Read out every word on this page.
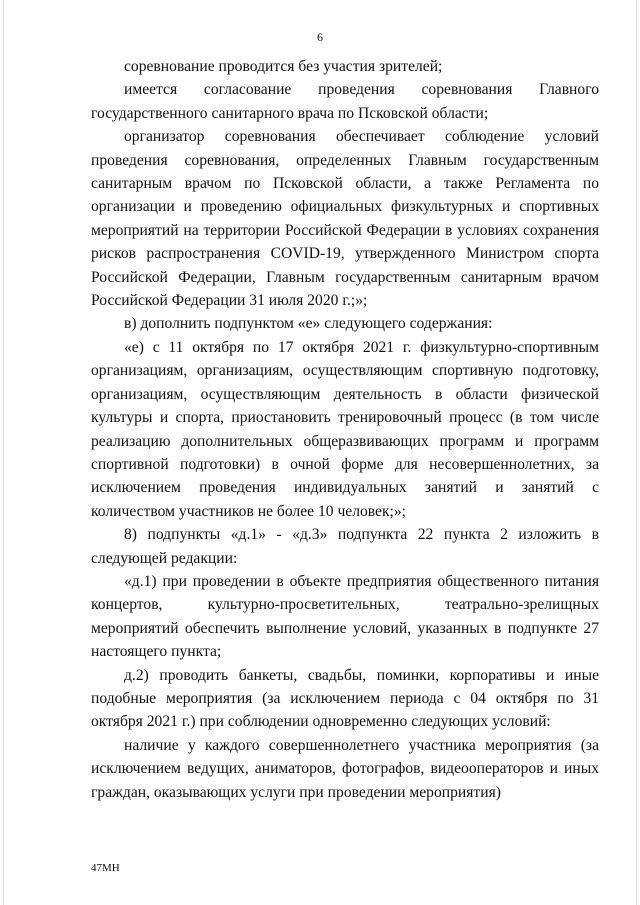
6

соревнование проводится без участия зрителей;

имеется согласование проведения соревнования Главного государственного санитарного врача по Псковской области;

организатор соревнования обеспечивает соблюдение условий проведения соревнования, определенных Главным государственным санитарным врачом по Псковской области, а также Регламента по организации и проведению официальных физкультурных и спортивных мероприятий на территории Российской Федерации в условиях сохранения рисков распространения COVID-19, утвержденного Министром спорта Российской Федерации, Главным государственным санитарным врачом Российской Федерации 31 июля 2020 г.;»;

в) дополнить подпунктом «е» следующего содержания:

«е) с 11 октября по 17 октября 2021 г. физкультурно-спортивным организациям, организациям, осуществляющим спортивную подготовку, организациям, осуществляющим деятельность в области физической культуры и спорта, приостановить тренировочный процесс (в том числе реализацию дополнительных общеразвивающих программ и программ спортивной подготовки) в очной форме для несовершеннолетних, за исключением проведения индивидуальных занятий и занятий с количеством участников не более 10 человек;»;

8) подпункты «д.1» - «д.3» подпункта 22 пункта 2 изложить в следующей редакции:

«д.1) при проведении в объекте предприятия общественного питания концертов, культурно-просветительных, театрально-зрелищных мероприятий обеспечить выполнение условий, указанных в подпункте 27 настоящего пункта;

д.2) проводить банкеты, свадьбы, поминки, корпоративы и иные подобные мероприятия (за исключением периода с 04 октября по 31 октября 2021 г.) при соблюдении одновременно следующих условий:

наличие у каждого совершеннолетнего участника мероприятия (за исключением ведущих, аниматоров, фотографов, видеооператоров и иных граждан, оказывающих услуги при проведении мероприятия)

47МН
